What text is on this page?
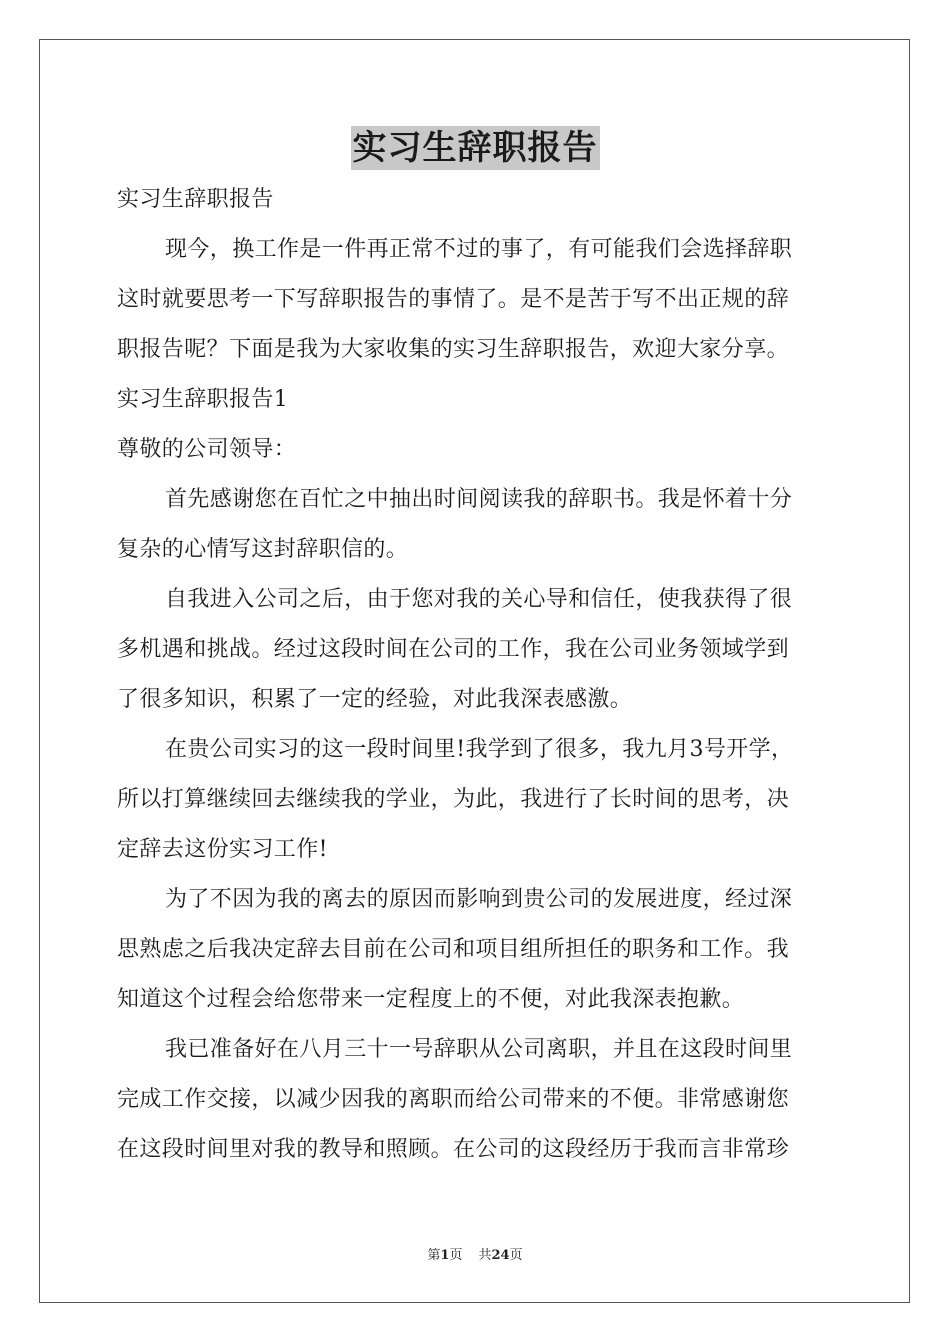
实习生辞职报告
实习生辞职报告
现今，换工作是一件再正常不过的事了，有可能我们会选择辞职
这时就要思考一下写辞职报告的事情了。是不是苦于写不出正规的辞
职报告呢？下面是我为大家收集的实习生辞职报告，欢迎大家分享。
实习生辞职报告1
尊敬的公司领导：
首先感谢您在百忙之中抽出时间阅读我的辞职书。我是怀着十分
复杂的心情写这封辞职信的。
自我进入公司之后，由于您对我的关心导和信任，使我获得了很
多机遇和挑战。经过这段时间在公司的工作，我在公司业务领域学到
了很多知识，积累了一定的经验，对此我深表感激。
在贵公司实习的这一段时间里!我学到了很多，我九月3号开学，
所以打算继续回去继续我的学业，为此，我进行了长时间的思考，决
定辞去这份实习工作!
为了不因为我的离去的原因而影响到贵公司的发展进度，经过深
思熟虑之后我决定辞去目前在公司和项目组所担任的职务和工作。我
知道这个过程会给您带来一定程度上的不便，对此我深表抱歉。
我已准备好在八月三十一号辞职从公司离职，并且在这段时间里
完成工作交接，以减少因我的离职而给公司带来的不便。非常感谢您
在这段时间里对我的教导和照顾。在公司的这段经历于我而言非常珍
第1页 共24页
